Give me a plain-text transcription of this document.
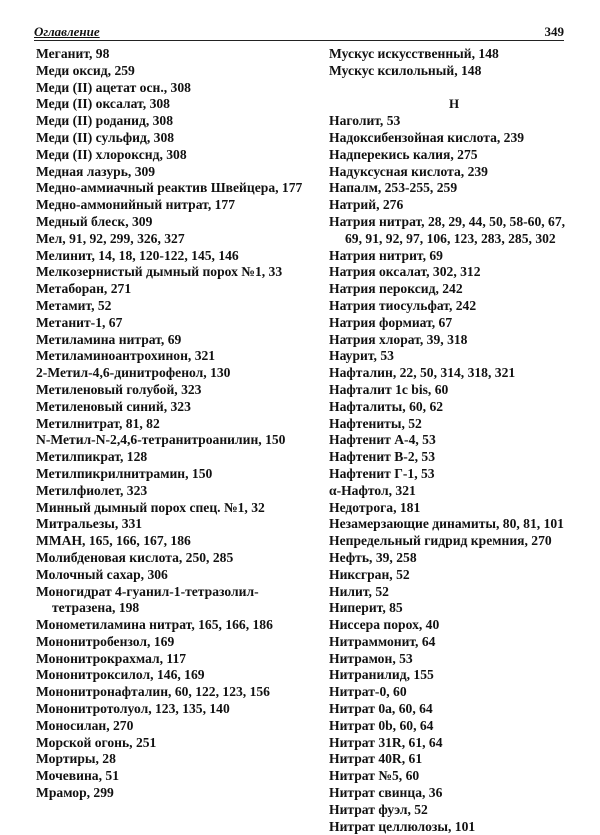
Оглавление	349
Меганит, 98
Меди оксид, 259
Меди (II) ацетат осн., 308
Меди (II) оксалат, 308
Меди (II) роданид, 308
Меди (II) сульфид, 308
Меди (II) хлорокснд, 308
Медная лазурь, 309
Медно-аммиачный реактив Швейцера, 177
Медно-аммонийный нитрат, 177
Медный блеск, 309
Мел, 91, 92, 299, 326, 327
Мелинит, 14, 18, 120-122, 145, 146
Мелкозернистый дымный порох №1, 33
Метаборан, 271
Метамит, 52
Метанит-1, 67
Метиламина нитрат, 69
Метиламиноантрохинон, 321
2-Метил-4,6-динитрофенол, 130
Метиленовый голубой, 323
Метиленовый синий, 323
Метилнитрат, 81, 82
N-Метил-N-2,4,6-тетранитроанилин, 150
Метилпикрат, 128
Метилпикрилнитрамин, 150
Метилфиолет, 323
Минный дымный порох спец. №1, 32
Митральезы, 331
ММАН, 165, 166, 167, 186
Молибденовая кислота, 250, 285
Молочный сахар, 306
Моногидрат 4-гуанил-1-тетразолил-тетразена, 198
Монометиламина нитрат, 165, 166, 186
Мононитробензол, 169
Мононитрокрахмал, 117
Мононитроксилол, 146, 169
Мононитронафталин, 60, 122, 123, 156
Мононитротолуол, 123, 135, 140
Моносилан, 270
Морской огонь, 251
Мортиры, 28
Мочевина, 51
Мрамор, 299
Мускус искусственный, 148
Мускус ксилольный, 148
Н
Наголит, 53
Надоксибензойная кислота, 239
Надперекись калия, 275
Надуксусная кислота, 239
Напалм, 253-255, 259
Натрий, 276
Натрия нитрат, 28, 29, 44, 50, 58-60, 67, 69, 91, 92, 97, 106, 123, 283, 285, 302
Натрия нитрит, 69
Натрия оксалат, 302, 312
Натрия пероксид, 242
Натрия тиосульфат, 242
Натрия формиат, 67
Натрия хлорат, 39, 318
Наурит, 53
Нафталин, 22, 50, 314, 318, 321
Нафталит 1c bis, 60
Нафталиты, 60, 62
Нафтениты, 52
Нафтенит А-4, 53
Нафтенит В-2, 53
Нафтенит Г-1, 53
α-Нафтол, 321
Недотрога, 181
Незамерзающие динамиты, 80, 81, 101
Непредельный гидрид кремния, 270
Нефть, 39, 258
Никсгран, 52
Нилит, 52
Ниперит, 85
Ниссера порох, 40
Нитраммонит, 64
Нитрамон, 53
Нитранилид, 155
Нитрат-0, 60
Нитрат 0а, 60, 64
Нитрат 0b, 60, 64
Нитрат 31R, 61, 64
Нитрат 40R, 61
Нитрат №5, 60
Нитрат свинца, 36
Нитрат фуэл, 52
Нитрат целлюлозы, 101
